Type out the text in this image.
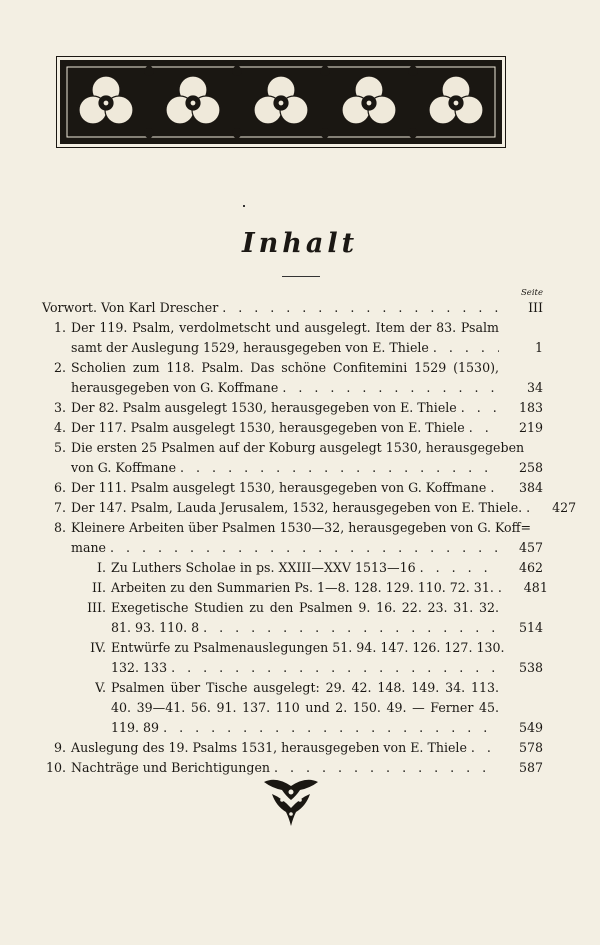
Inhalt
Seite
Vorwort. Von Karl Drescher . . .	III
1. Der 119. Psalm, verdolmetscht und ausgelegt. Item der 83. Psalm
samt der Auslegung 1529, herausgegeben von E. Thiele . . .	1
2. Scholien zum 118. Psalm. Das schöne Confitemini 1529 (1530),
herausgegeben von G. Koffmane . . .	34
3. Der 82. Psalm ausgelegt 1530, herausgegeben von E. Thiele . . .	183
4. Der 117. Psalm ausgelegt 1530, herausgegeben von E. Thiele . . .	219
5. Die ersten 25 Psalmen auf der Koburg ausgelegt 1530, herausgegeben
von G. Koffmane . . .	258
6. Der 111. Psalm ausgelegt 1530, herausgegeben von G. Koffmane . . .	384
7. Der 147. Psalm, Lauda Jerusalem, 1532, herausgegeben von E. Thiele. . . .	427
8. Kleinere Arbeiten über Psalmen 1530—32, herausgegeben von G. Koff=
mane . . .	457
I. Zu Luthers Scholae in ps. XXIII—XXV 1513—16 . . .	462
II. Arbeiten zu den Summarien Ps. 1—8. 128. 129. 110. 72. 31. . . .	481
III. Exegetische Studien zu den Psalmen 9. 16. 22. 23. 31. 32.
81. 93. 110. 8 . . .	514
IV. Entwürfe zu Psalmenauslegungen 51. 94. 147. 126. 127. 130.
132. 133 . . .	538
V. Psalmen über Tische ausgelegt: 29. 42. 148. 149. 34. 113.
40. 39—41. 56. 91. 137. 110 und 2. 150. 49. — Ferner 45.
119. 89 . . .	549
9. Auslegung des 19. Psalms 1531, herausgegeben von E. Thiele . . .	578
10. Nachträge und Berichtigungen . . .	587
